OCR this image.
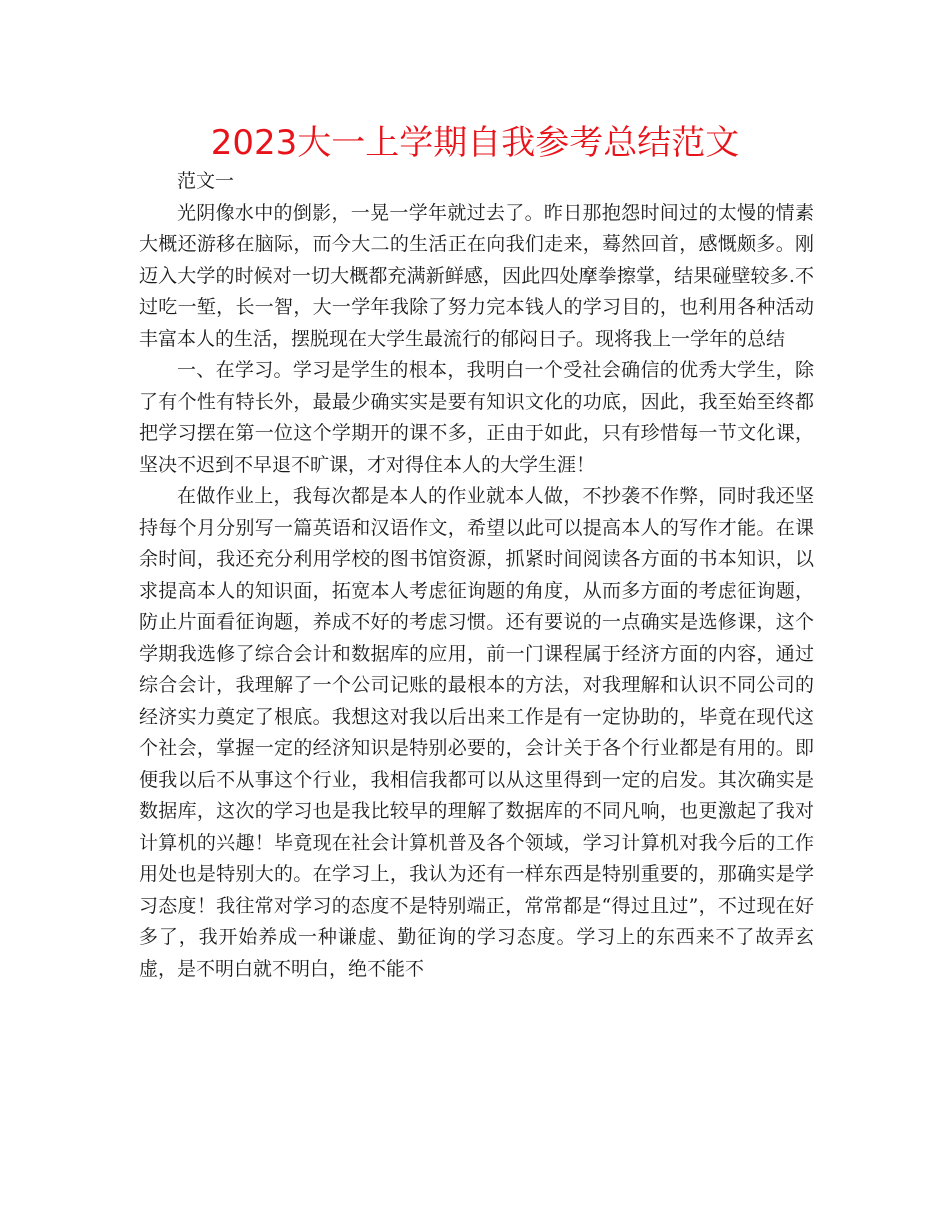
2023大一上学期自我参考总结范文

范文一

光阴像水中的倒影，一晃一学年就过去了。昨日那抱怨时间过的太慢的情素大概还游移在脑际，而今大二的生活正在向我们走来，蓦然回首，感慨颇多。刚迈入大学的时候对一切大概都充满新鲜感，因此四处摩拳擦掌，结果碰壁较多.不过吃一堑，长一智，大一学年我除了努力完本钱人的学习目的，也利用各种活动丰富本人的生活，摆脱现在大学生最流行的郁闷日子。现将我上一学年的总结

一、在学习。学习是学生的根本，我明白一个受社会确信的优秀大学生，除了有个性有特长外，最最少确实实是要有知识文化的功底，因此，我至始至终都把学习摆在第一位这个学期开的课不多，正由于如此，只有珍惜每一节文化课，坚决不迟到不早退不旷课，才对得住本人的大学生涯！

在做作业上，我每次都是本人的作业就本人做，不抄袭不作弊，同时我还坚持每个月分别写一篇英语和汉语作文，希望以此可以提高本人的写作才能。在课余时间，我还充分利用学校的图书馆资源，抓紧时间阅读各方面的书本知识，以求提高本人的知识面，拓宽本人考虑征询题的角度，从而多方面的考虑征询题，防止片面看征询题，养成不好的考虑习惯。还有要说的一点确实是选修课，这个学期我选修了综合会计和数据库的应用，前一门课程属于经济方面的内容，通过综合会计，我理解了一个公司记账的最根本的方法，对我理解和认识不同公司的经济实力奠定了根底。我想这对我以后出来工作是有一定协助的，毕竟在现代这个社会，掌握一定的经济知识是特别必要的，会计关于各个行业都是有用的。即便我以后不从事这个行业，我相信我都可以从这里得到一定的启发。其次确实是数据库，这次的学习也是我比较早的理解了数据库的不同凡响，也更激起了我对计算机的兴趣！毕竟现在社会计算机普及各个领域，学习计算机对我今后的工作用处也是特别大的。在学习上，我认为还有一样东西是特别重要的，那确实是学习态度！我往常对学习的态度不是特别端正，常常都是“得过且过”，不过现在好多了，我开始养成一种谦虚、勤征询的学习态度。学习上的东西来不了故弄玄虚，是不明白就不明白，绝不能不
